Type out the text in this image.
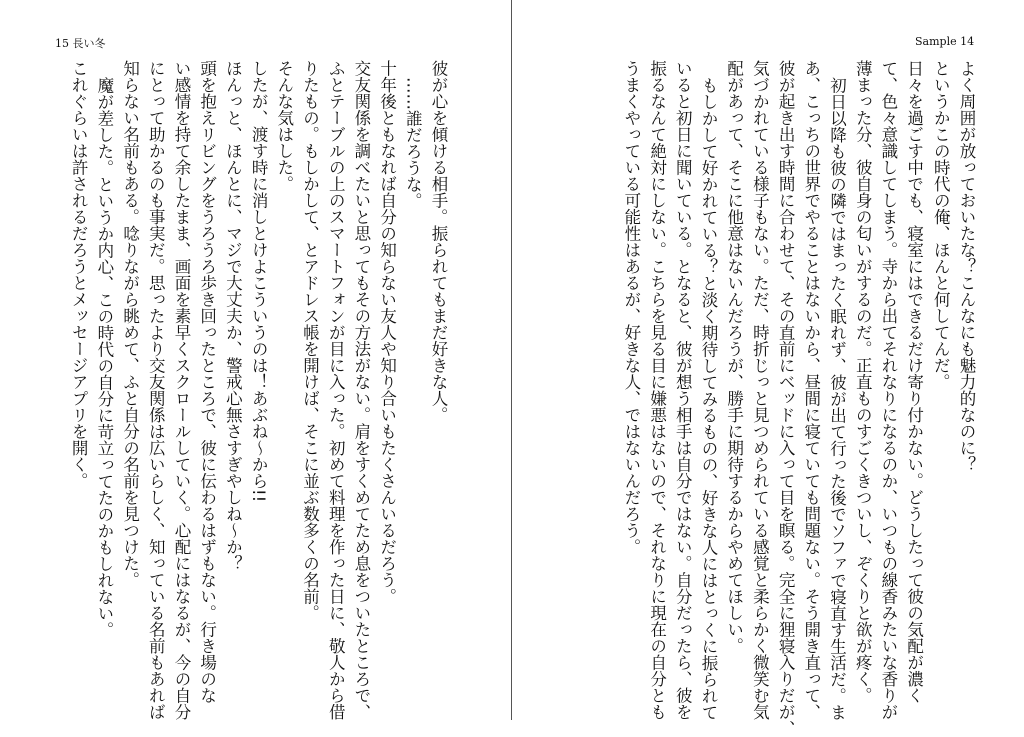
15 長い冬
彼が心を傾ける相手。振られてもまだ好きな人。
……誰だろうな。
十年後ともなれば自分の知らない友人や知り合いもたくさんいるだろう。
交友関係を調べたいと思ってもその方法がない。肩をすくめてため息をついたところで、
ふとテーブルの上のスマートフォンが目に入った。初めて料理を作った日に、敬人から借
りたもの。もしかして、とアドレス帳を開けば、そこに並ぶ数多くの名前。
そんな気はした。
したが、渡す時に消しとけよこういうのは！あぶね～から!!
ほんっと、ほんとに、マジで大丈夫か、警戒心無さすぎやしね～か？
頭を抱えリビングをうろうろ歩き回ったところで、彼に伝わるはずもない。行き場のな
い感情を持て余したまま、画面を素早くスクロールしていく。心配にはなるが、今の自分
にとって助かるのも事実だ。思ったより交友関係は広いらしく、知っている名前もあれば
知らない名前もある。唸りながら眺めて、ふと自分の名前を見つけた。
魔が差した。というか内心、この時代の自分に苛立ってたのかもしれない。
これぐらいは許されるだろうとメッセージアプリを開く。
Sample 14
よく周囲が放っておいたな？こんなにも魅力的なのに？
というかこの時代の俺、ほんと何してんだ。
日々を過ごす中でも、寝室にはできるだけ寄り付かない。どうしたって彼の気配が濃く
て、色々意識してしまう。寺から出てそれなりになるのか、いつもの線香みたいな香りが
薄まった分、彼自身の匂いがするのだ。正直ものすごくきついし、ぞくりと欲が疼く。
初日以降も彼の隣ではまったく眠れず、彼が出て行った後でソファで寝直す生活だ。ま
あ、こっちの世界でやることはないから、昼間に寝ていても問題ない。そう開き直って、
彼が起き出す時間に合わせて、その直前にベッドに入って目を瞑る。完全に狸寝入りだが、
気づかれている様子もない。ただ、時折じっと見つめられている感覚と柔らかく微笑む気
配があって、そこに他意はないんだろうが、勝手に期待するからやめてほしい。
もしかして好かれている？と淡く期待してみるものの、好きな人にはとっくに振られて
いると初日に聞いている。となると、彼が想う相手は自分ではない。自分だったら、彼を
振るなんて絶対にしない。こちらを見る目に嫌悪はないので、それなりに現在の自分とも
うまくやっている可能性はあるが、好きな人、ではないんだろう。
